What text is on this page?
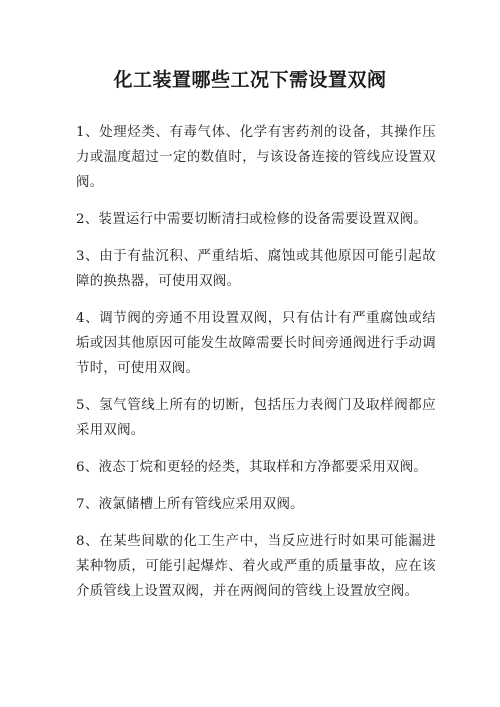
化工装置哪些工况下需设置双阀
1、处理烃类、有毒气体、化学有害药剂的设备，其操作压力或温度超过一定的数值时，与该设备连接的管线应设置双阀。
2、装置运行中需要切断清扫或检修的设备需要设置双阀。
3、由于有盐沉积、严重结垢、腐蚀或其他原因可能引起故障的换热器，可使用双阀。
4、调节阀的旁通不用设置双阀，只有估计有严重腐蚀或结垢或因其他原因可能发生故障需要长时间旁通阀进行手动调节时，可使用双阀。
5、氢气管线上所有的切断，包括压力表阀门及取样阀都应采用双阀。
6、液态丁烷和更轻的烃类，其取样和方净都要采用双阀。
7、液氯储槽上所有管线应采用双阀。
8、在某些间歇的化工生产中，当反应进行时如果可能漏进某种物质，可能引起爆炸、着火或严重的质量事故，应在该介质管线上设置双阀，并在两阀间的管线上设置放空阀。
